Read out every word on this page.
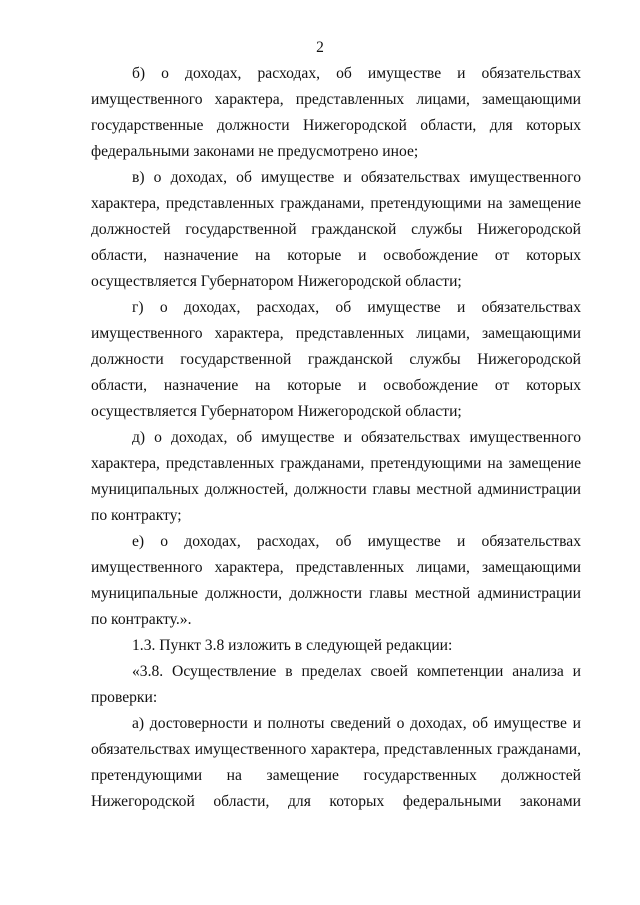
2

б) о доходах, расходах, об имуществе и обязательствах имущественного характера, представленных лицами, замещающими государственные должности Нижегородской области, для которых федеральными законами не предусмотрено иное;

в) о доходах, об имуществе и обязательствах имущественного характера, представленных гражданами, претендующими на замещение должностей государственной гражданской службы Нижегородской области, назначение на которые и освобождение от которых осуществляется Губернатором Нижегородской области;

г) о доходах, расходах, об имуществе и обязательствах имущественного характера, представленных лицами, замещающими должности государственной гражданской службы Нижегородской области, назначение на которые и освобождение от которых осуществляется Губернатором Нижегородской области;

д) о доходах, об имуществе и обязательствах имущественного характера, представленных гражданами, претендующими на замещение муниципальных должностей, должности главы местной администрации по контракту;

е) о доходах, расходах, об имуществе и обязательствах имущественного характера, представленных лицами, замещающими муниципальные должности, должности главы местной администрации по контракту.».

1.3. Пункт 3.8 изложить в следующей редакции:

«3.8. Осуществление в пределах своей компетенции анализа и проверки:

а) достоверности и полноты сведений о доходах, об имуществе и обязательствах имущественного характера, представленных гражданами, претендующими на замещение государственных должностей Нижегородской области, для которых федеральными законами
